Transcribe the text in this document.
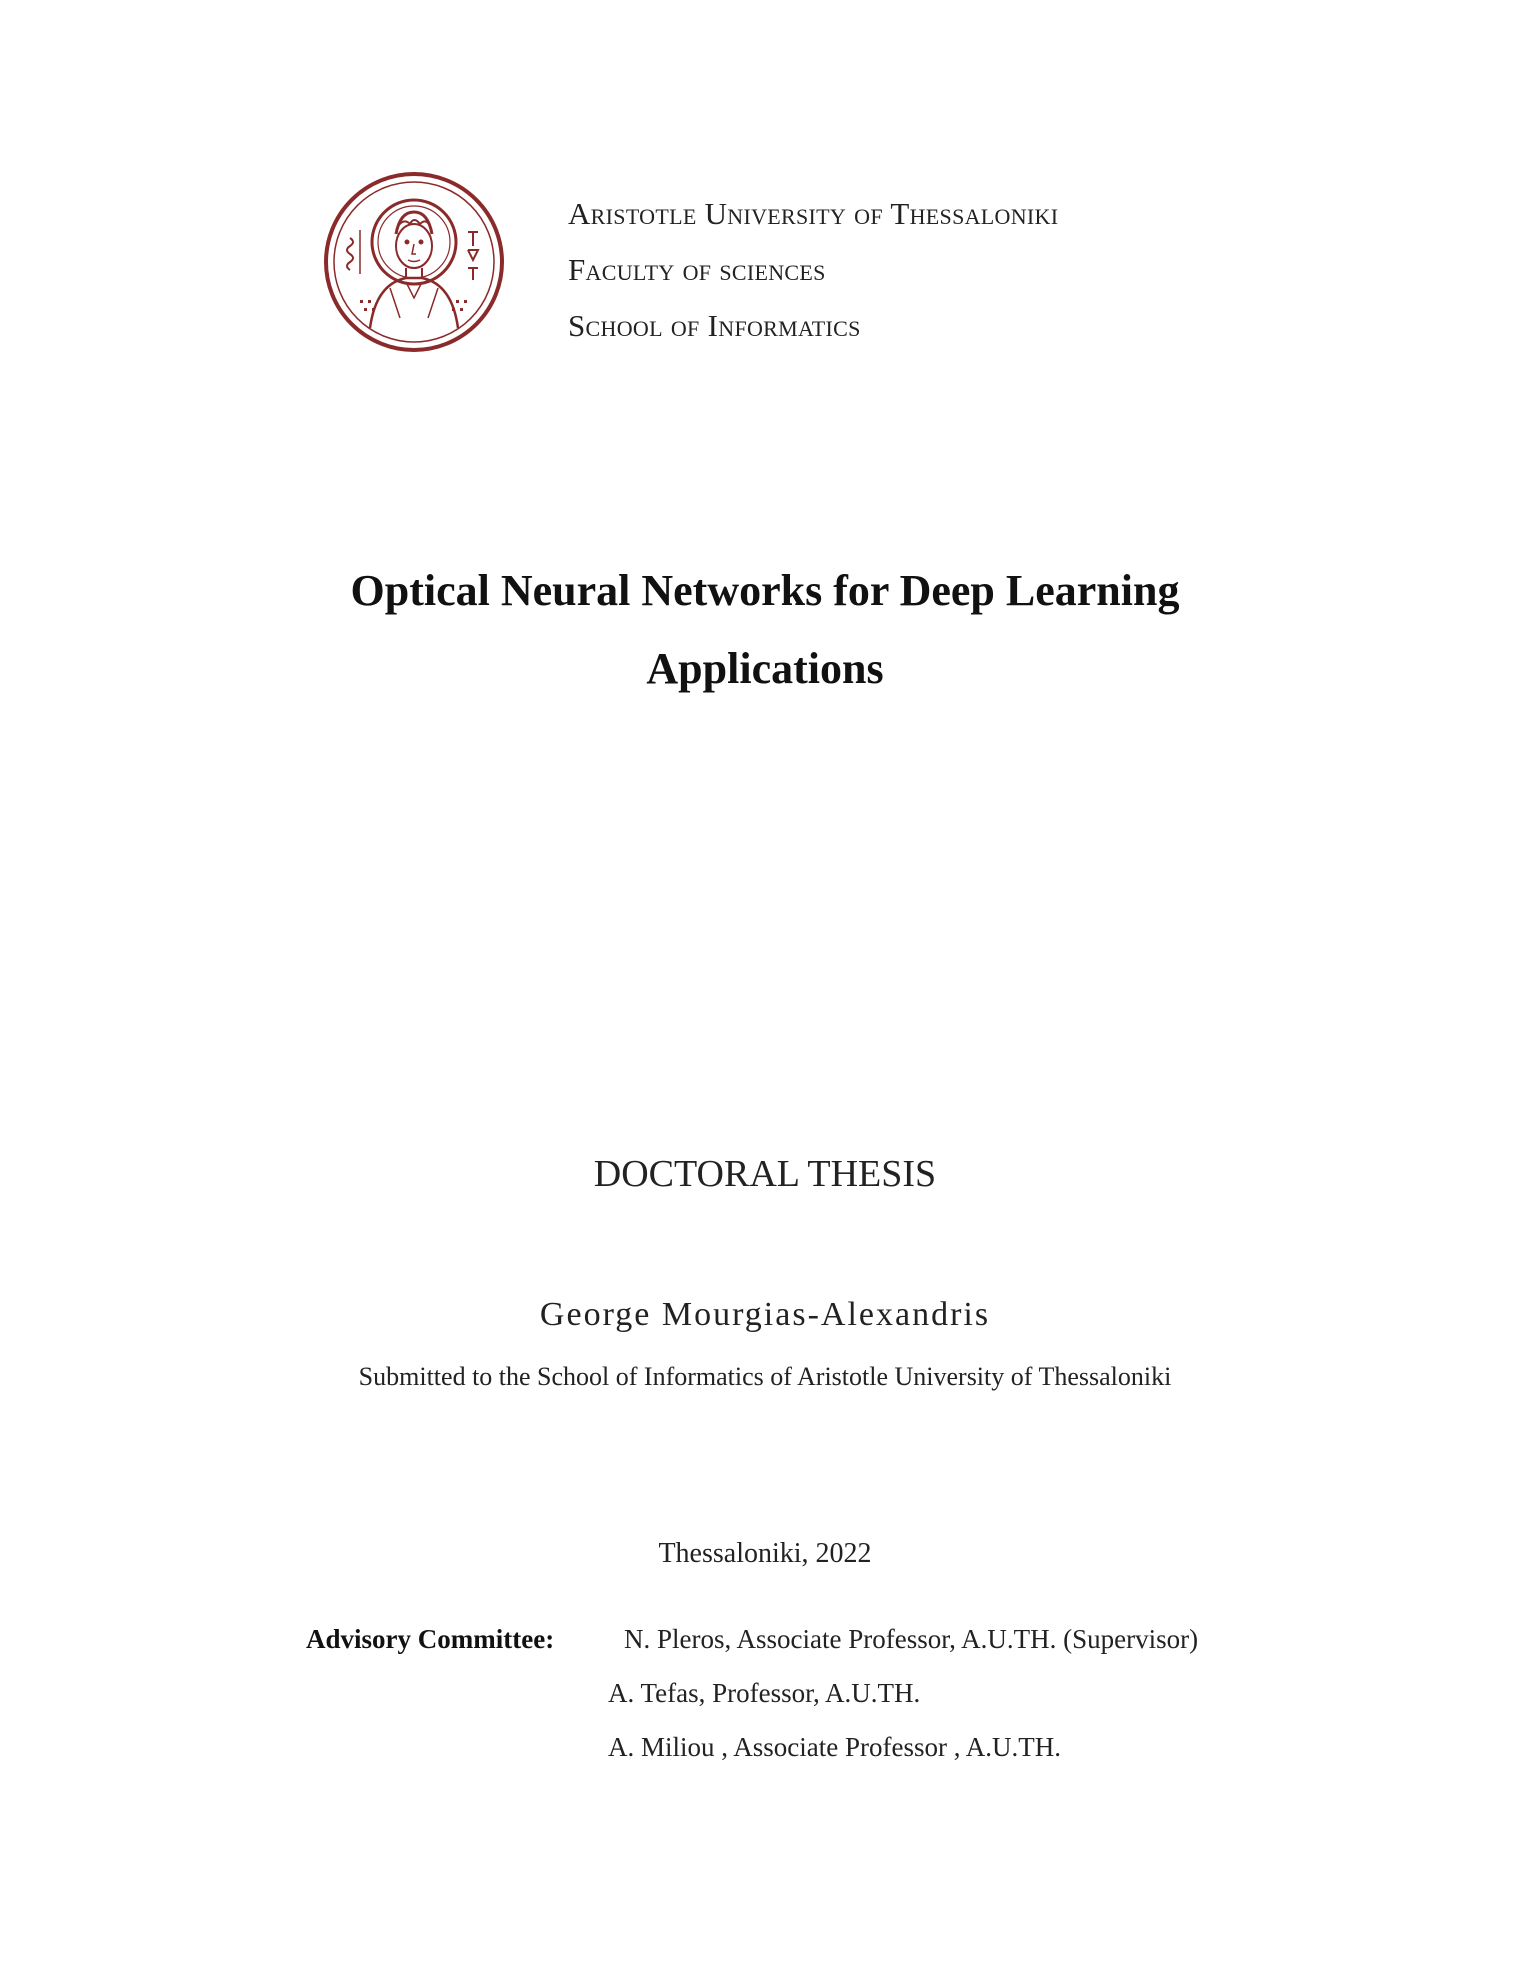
Aristotle University of Thessaloniki
Faculty of sciences
School of Informatics
Optical Neural Networks for Deep Learning
Applications
DOCTORAL THESIS
George Mourgias-Alexandris
Submitted to the School of Informatics of Aristotle University of Thessaloniki
Thessaloniki, 2022
Advisory Committee:	N. Pleros, Associate Professor, A.U.TH. (Supervisor)
A. Tefas, Professor, A.U.TH.
A. Miliou , Associate Professor , A.U.TH.
